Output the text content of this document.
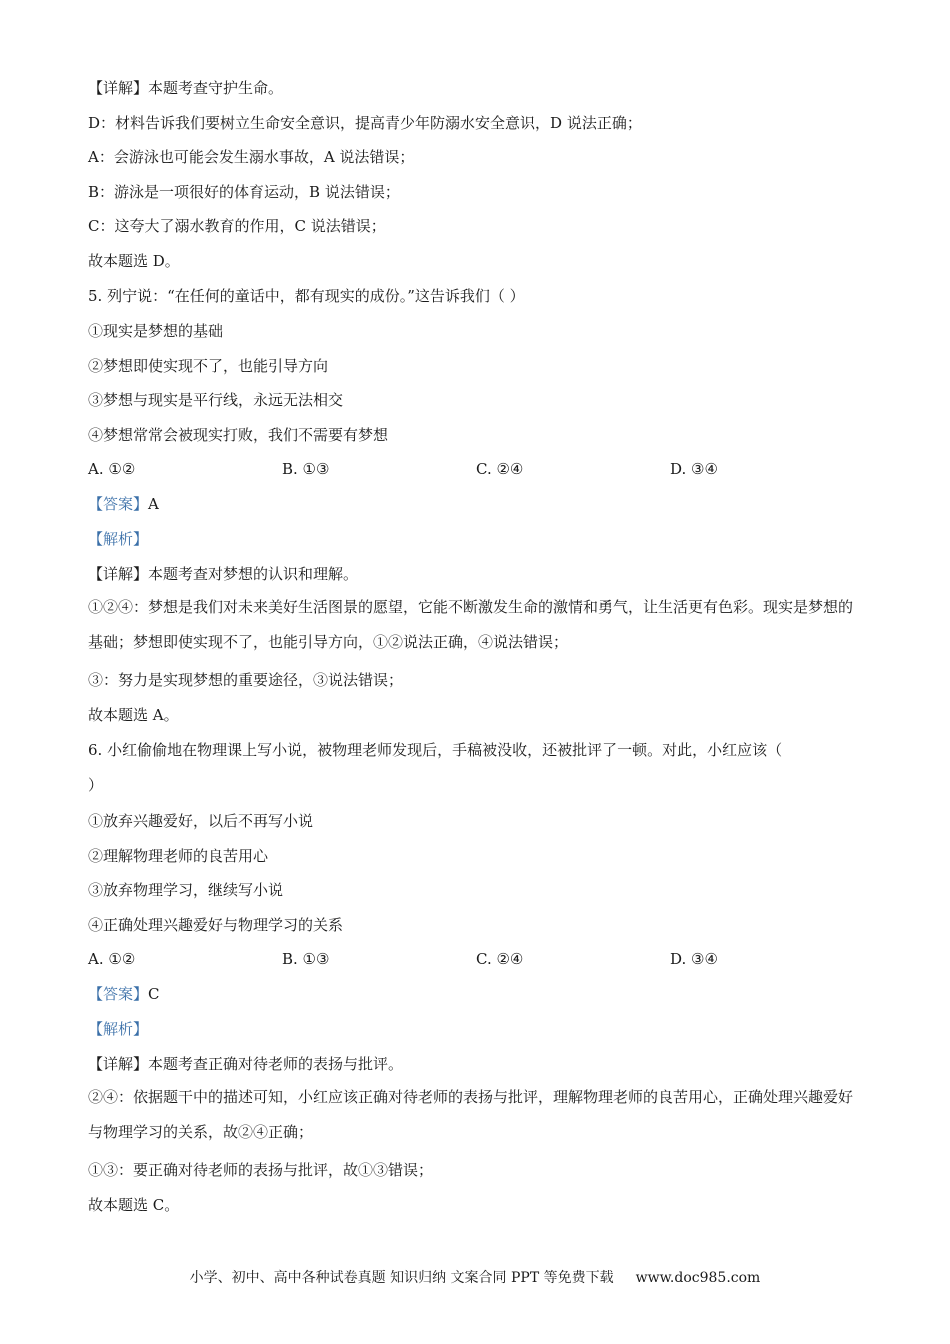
【详解】本题考查守护生命。
D：材料告诉我们要树立生命安全意识，提高青少年防溺水安全意识，D 说法正确；
A：会游泳也可能会发生溺水事故，A 说法错误；
B：游泳是一项很好的体育运动，B 说法错误；
C：这夸大了溺水教育的作用，C 说法错误；
故本题选 D。
5. 列宁说：“在任何的童话中，都有现实的成份。”这告诉我们（ ）
①现实是梦想的基础
②梦想即使实现不了，也能引导方向
③梦想与现实是平行线，永远无法相交
④梦想常常会被现实打败，我们不需要有梦想
A. ①②	B. ①③	C. ②④	D. ③④
【答案】A
【解析】
【详解】本题考查对梦想的认识和理解。
①②④：梦想是我们对未来美好生活图景的愿望，它能不断激发生命的激情和勇气，让生活更有色彩。现实是梦想的基础；梦想即使实现不了，也能引导方向，①②说法正确，④说法错误；
③：努力是实现梦想的重要途径，③说法错误；
故本题选 A。
6. 小红偷偷地在物理课上写小说，被物理老师发现后，手稿被没收，还被批评了一顿。对此，小红应该（
）
①放弃兴趣爱好，以后不再写小说
②理解物理老师的良苦用心
③放弃物理学习，继续写小说
④正确处理兴趣爱好与物理学习的关系
A. ①②	B. ①③	C. ②④	D. ③④
【答案】C
【解析】
【详解】本题考查正确对待老师的表扬与批评。
②④：依据题干中的描述可知，小红应该正确对待老师的表扬与批评，理解物理老师的良苦用心，正确处理兴趣爱好与物理学习的关系，故②④正确；
①③：要正确对待老师的表扬与批评，故①③错误；
故本题选 C。
小学、初中、高中各种试卷真题 知识归纳 文案合同 PPT 等免费下载 www.doc985.com
